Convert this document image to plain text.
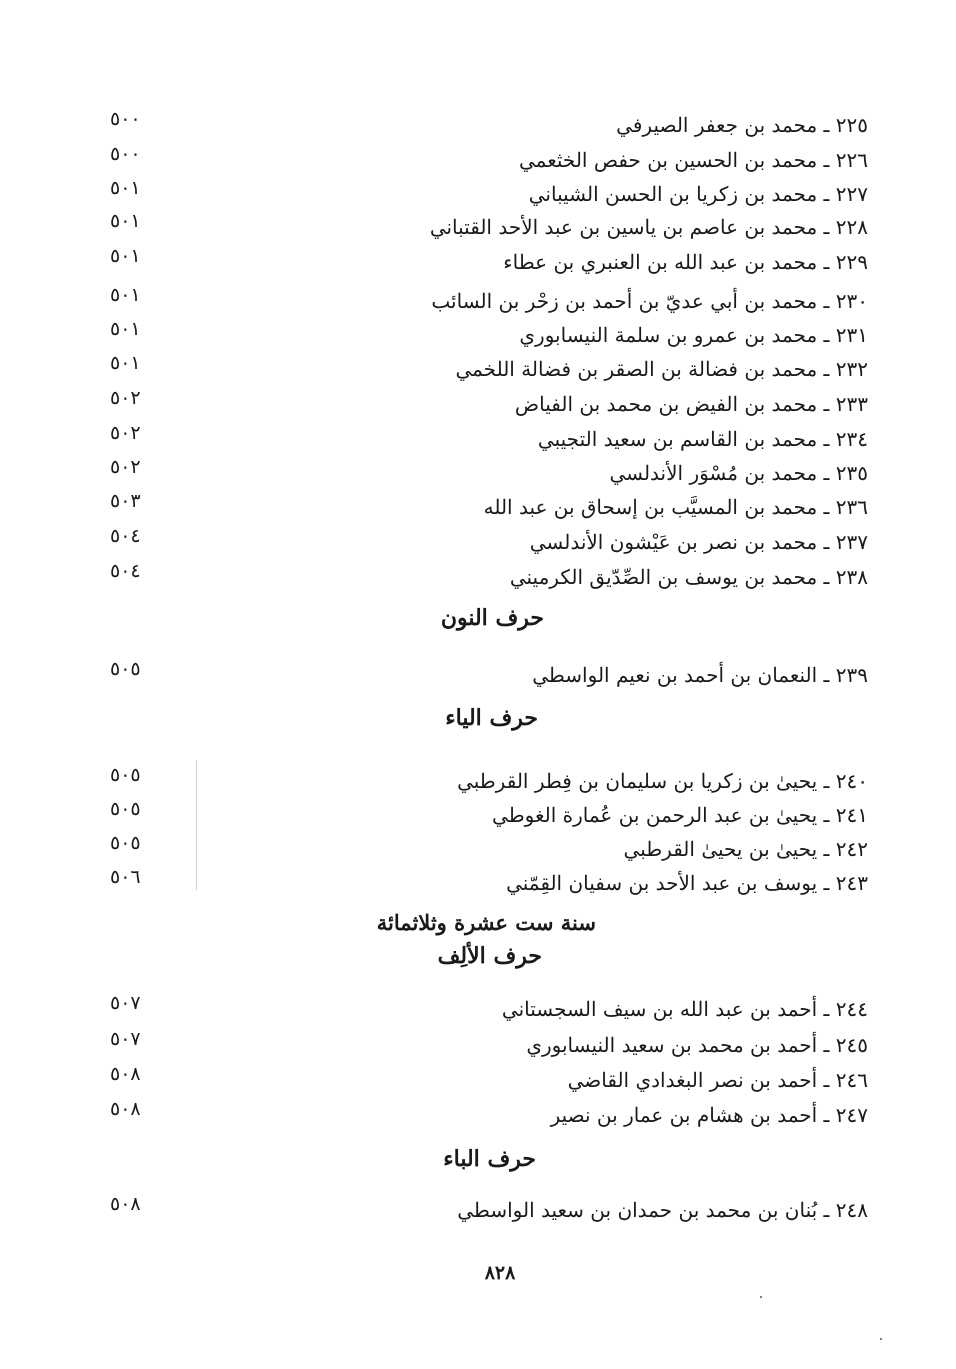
٢٢٥ ـ محمد بن جعفر الصيرفي
٥٠٠
٢٢٦ ـ محمد بن الحسين بن حفص الخثعمي
٥٠٠
٢٢٧ ـ محمد بن زكريا بن الحسن الشيباني
٥٠١
٢٢٨ ـ محمد بن عاصم بن ياسين بن عبد الأحد القتباني
٥٠١
٢٢٩ ـ محمد بن عبد الله بن العنبري بن عطاء
٥٠١
٢٣٠ ـ محمد بن أبي عديّ بن أحمد بن زحْر بن السائب
٥٠١
٢٣١ ـ محمد بن عمرو بن سلمة النيسابوري
٥٠١
٢٣٢ ـ محمد بن فضالة بن الصقر بن فضالة اللخمي
٥٠١
٢٣٣ ـ محمد بن الفيض بن محمد بن الفياض
٥٠٢
٢٣٤ ـ محمد بن القاسم بن سعيد التجيبي
٥٠٢
٢٣٥ ـ محمد بن مُسْوَر الأندلسي
٥٠٢
٢٣٦ ـ محمد بن المسيَّب بن إسحاق بن عبد الله
٥٠٣
٢٣٧ ـ محمد بن نصر بن عَيْشون الأندلسي
٥٠٤
٢٣٨ ـ محمد بن يوسف بن الصِّدّيق الكرميني
٥٠٤
حرف النون
٢٣٩ ـ النعمان بن أحمد بن نعيم الواسطي
٥٠٥
حرف الياء
٢٤٠ ـ يحيىٰ بن زكريا بن سليمان بن فِطر القرطبي
٥٠٥
٢٤١ ـ يحيىٰ بن عبد الرحمن بن عُمارة الغوطي
٥٠٥
٢٤٢ ـ يحيىٰ بن يحيىٰ القرطبي
٥٠٥
٢٤٣ ـ يوسف بن عبد الأحد بن سفيان القِمّني
٥٠٦
سنة ست عشرة وثلاثمائة
حرف الألِف
٢٤٤ ـ أحمد بن عبد الله بن سيف السجستاني
٥٠٧
٢٤٥ ـ أحمد بن محمد بن سعيد النيسابوري
٥٠٧
٢٤٦ ـ أحمد بن نصر البغدادي القاضي
٥٠٨
٢٤٧ ـ أحمد بن هشام بن عمار بن نصير
٥٠٨
حرف الباء
٢٤٨ ـ بُنان بن محمد بن حمدان بن سعيد الواسطي
٥٠٨
٨٢٨
